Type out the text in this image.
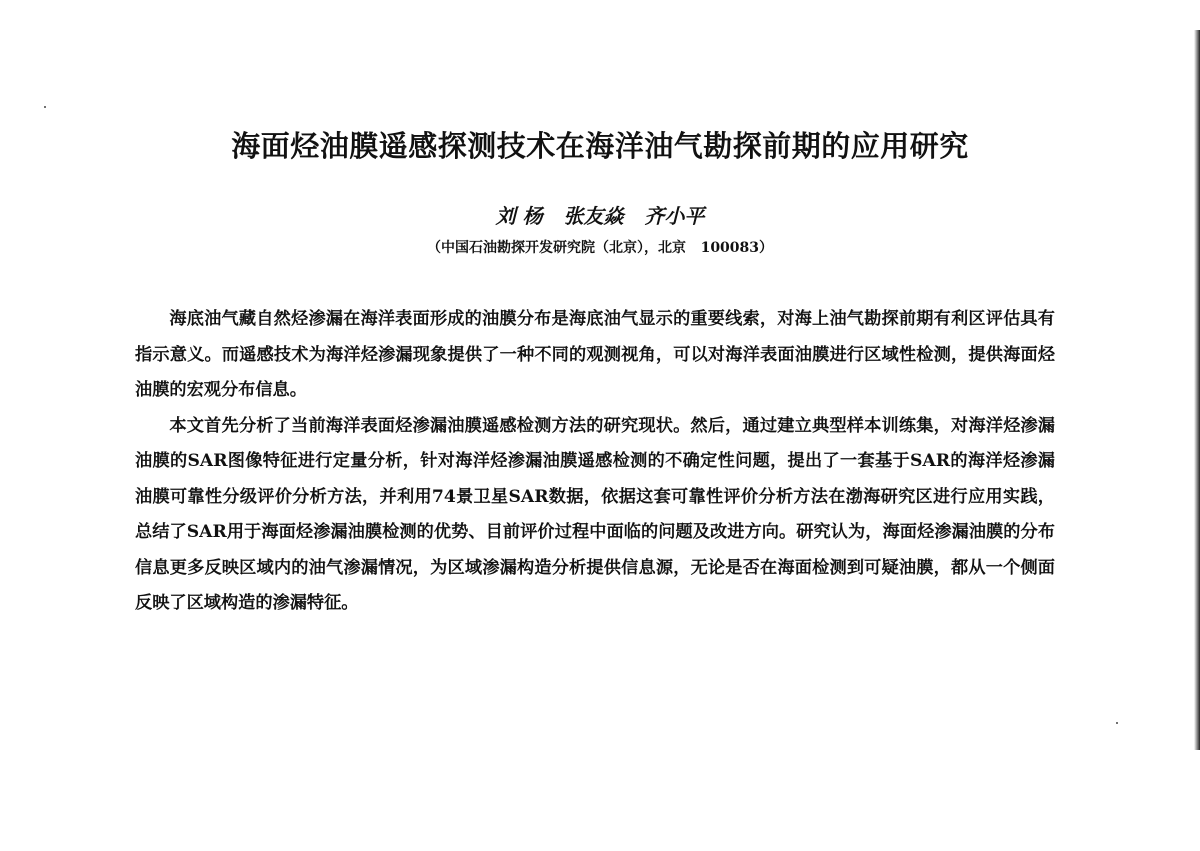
海面烃油膜遥感探测技术在海洋油气勘探前期的应用研究
刘 杨   张友焱   齐小平
（中国石油勘探开发研究院（北京），北京   100083）

海底油气藏自然烃渗漏在海洋表面形成的油膜分布是海底油气显示的重要线索，对海上油气勘探前期有利区评估具有指示意义。而遥感技术为海洋烃渗漏现象提供了一种不同的观测视角，可以对海洋表面油膜进行区域性检测，提供海面烃油膜的宏观分布信息。

本文首先分析了当前海洋表面烃渗漏油膜遥感检测方法的研究现状。然后，通过建立典型样本训练集，对海洋烃渗漏油膜的SAR图像特征进行定量分析，针对海洋烃渗漏油膜遥感检测的不确定性问题，提出了一套基于SAR的海洋烃渗漏油膜可靠性分级评价分析方法，并利用74景卫星SAR数据，依据这套可靠性评价分析方法在渤海研究区进行应用实践，总结了SAR用于海面烃渗漏油膜检测的优势、目前评价过程中面临的问题及改进方向。研究认为，海面烃渗漏油膜的分布信息更多反映区域内的油气渗漏情况，为区域渗漏构造分析提供信息源，无论是否在海面检测到可疑油膜，都从一个侧面反映了区域构造的渗漏特征。
